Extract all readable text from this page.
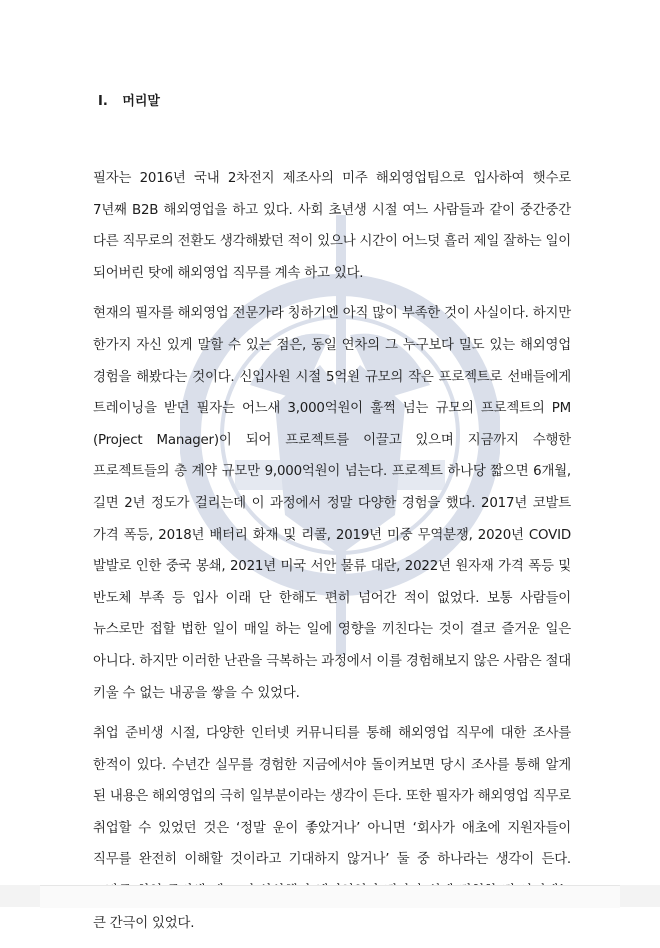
I. 머리말

필자는 2016년 국내 2차전지 제조사의 미주 해외영업팀으로 입사하여 햇수로 7년째 B2B 해외영업을 하고 있다. 사회 초년생 시절 여느 사람들과 같이 중간중간 다른 직무로의 전환도 생각해봤던 적이 있으나 시간이 어느덧 흘러 제일 잘하는 일이 되어버린 탓에 해외영업 직무를 계속 하고 있다.

현재의 필자를 해외영업 전문가라 칭하기엔 아직 많이 부족한 것이 사실이다. 하지만 한가지 자신 있게 말할 수 있는 점은, 동일 연차의 그 누구보다 밀도 있는 해외영업 경험을 해봤다는 것이다. 신입사원 시절 5억원 규모의 작은 프로젝트로 선배들에게 트레이닝을 받던 필자는 어느새 3,000억원이 훌쩍 넘는 규모의 프로젝트의 PM (Project Manager)이 되어 프로젝트를 이끌고 있으며 지금까지 수행한 프로젝트들의 총 계약 규모만 9,000억원이 넘는다. 프로젝트 하나당 짧으면 6개월, 길면 2년 정도가 걸리는데 이 과정에서 정말 다양한 경험을 했다. 2017년 코발트 가격 폭등, 2018년 배터리 화재 및 리콜, 2019년 미중 무역분쟁, 2020년 COVID 발발로 인한 중국 봉쇄, 2021년 미국 서안 물류 대란, 2022년 원자재 가격 폭등 및 반도체 부족 등 입사 이래 단 한해도 편히 넘어간 적이 없었다. 보통 사람들이 뉴스로만 접할 법한 일이 매일 하는 일에 영향을 끼친다는 것이 결코 즐거운 일은 아니다. 하지만 이러한 난관을 극복하는 과정에서 이를 경험해보지 않은 사람은 절대 키울 수 없는 내공을 쌓을 수 있었다.

취업 준비생 시절, 다양한 인터넷 커뮤니티를 통해 해외영업 직무에 대한 조사를 한적이 있다. 수년간 실무를 경험한 지금에서야 돌이켜보면 당시 조사를 통해 알게 된 내용은 해외영업의 극히 일부분이라는 생각이 든다. 또한 필자가 해외영업 직무로 취업할 수 있었던 것은 ‘정말 운이 좋았거나’ 아니면 ‘회사가 애초에 지원자들이 직무를 완전히 이해할 것이라고 기대하지 않거나’ 둘 중 하나라는 생각이 든다. 큰 간극이 있었다.
